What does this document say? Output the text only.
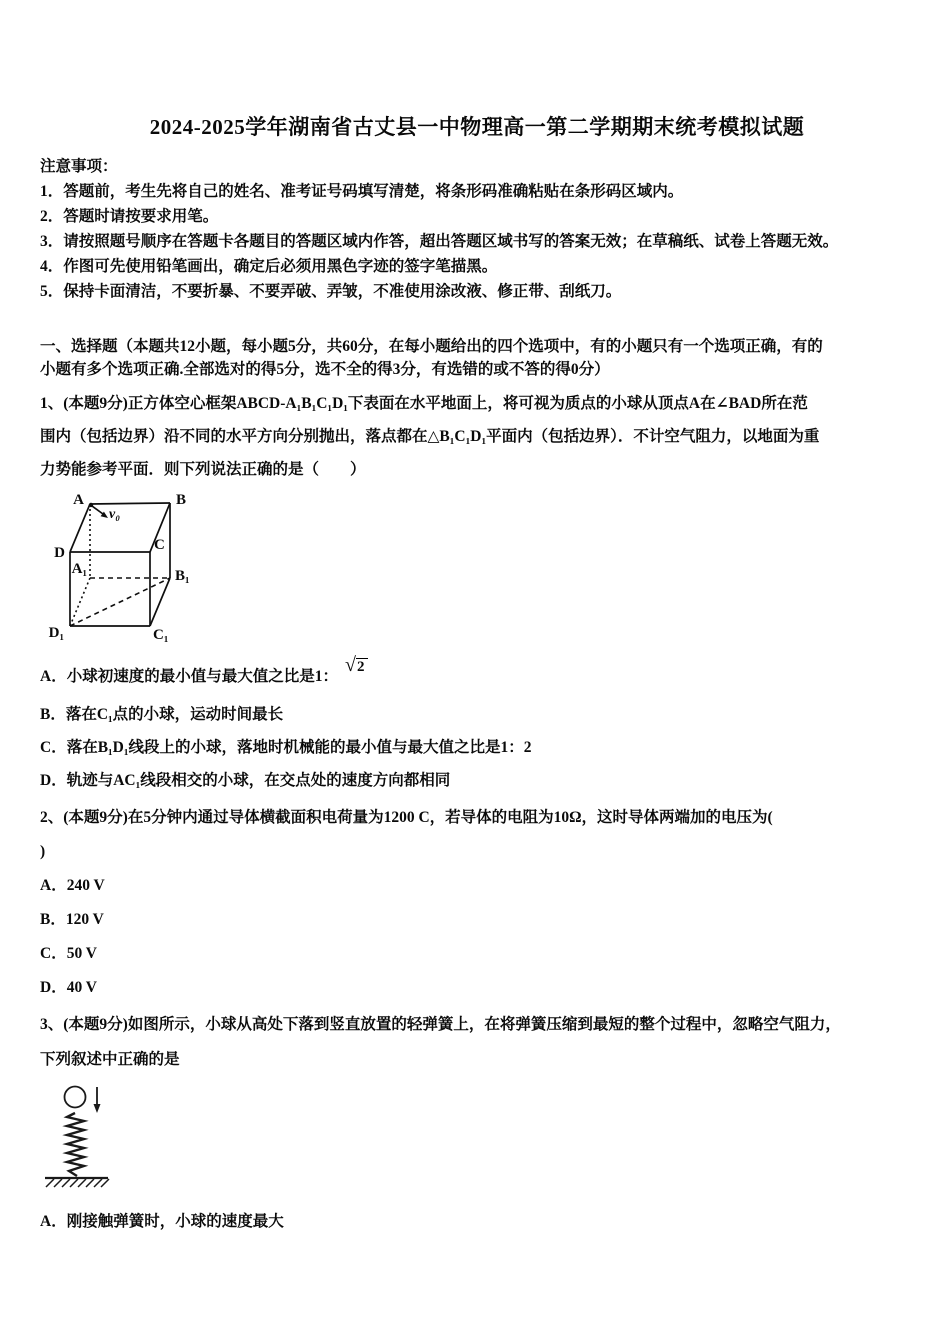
2024-2025学年湖南省古丈县一中物理高一第二学期期末统考模拟试题
注意事项：
1．答题前，考生先将自己的姓名、准考证号码填写清楚，将条形码准确粘贴在条形码区域内。
2．答题时请按要求用笔。
3．请按照题号顺序在答题卡各题目的答题区域内作答，超出答题区域书写的答案无效；在草稿纸、试卷上答题无效。
4．作图可先使用铅笔画出，确定后必须用黑色字迹的签字笔描黑。
5．保持卡面清洁，不要折暴、不要弄破、弄皱，不准使用涂改液、修正带、刮纸刀。
一、选择题（本题共12小题，每小题5分，共60分，在每小题给出的四个选项中，有的小题只有一个选项正确，有的
小题有多个选项正确.全部选对的得5分，选不全的得3分，有选错的或不答的得0分）
1、(本题9分)正方体空心框架ABCD-A₁B₁C₁D₁下表面在水平地面上，将可视为质点的小球从顶点A在∠BAD所在范
围内（包括边界）沿不同的水平方向分别抛出，落点都在△B₁C₁D₁平面内（包括边界）．不计空气阻力，以地面为重
力势能参考平面．则下列说法正确的是（　　）
A	B
D	C
A₁	B₁
D₁	C₁
v₀
A．小球初速度的最小值与最大值之比是1：
√2
B．落在C₁点的小球，运动时间最长
C．落在B₁D₁线段上的小球，落地时机械能的最小值与最大值之比是1：2
D．轨迹与AC₁线段相交的小球，在交点处的速度方向都相同
2、(本题9分)在5分钟内通过导体横截面积电荷量为1200 C，若导体的电阻为10Ω，这时导体两端加的电压为(
)
A．240 V
B．120 V
C．50 V
D．40 V
3、(本题9分)如图所示，小球从高处下落到竖直放置的轻弹簧上，在将弹簧压缩到最短的整个过程中，忽略空气阻力，
下列叙述中正确的是
A．刚接触弹簧时，小球的速度最大
